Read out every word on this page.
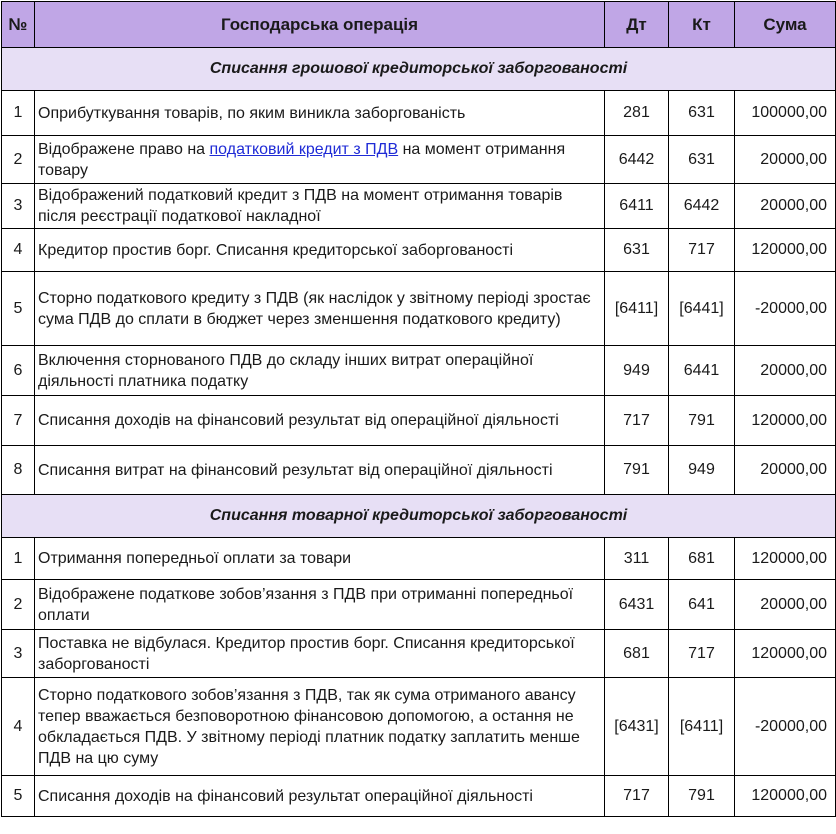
№	Господарська операція	Дт	Кт	Сума
Списання грошової кредиторської заборгованості				
1	Оприбуткування товарів, по яким виникла заборгованість	281	631	100000,00
2	Відображене право на податковий кредит з ПДВ на момент отримання товару	6442	631	20000,00
3	Відображений податковий кредит з ПДВ на момент отримання товарів після реєстрації податкової накладної	6411	6442	20000,00
4	Кредитор простив борг. Списання кредиторської заборгованості	631	717	120000,00
5	Сторно податкового кредиту з ПДВ (як наслідок у звітному періоді зростає сума ПДВ до сплати в бюджет через зменшення податкового кредиту)	[6411]	[6441]	-20000,00
6	Включення сторнованого ПДВ до складу інших витрат операційної діяльності платника податку	949	6441	20000,00
7	Списання доходів на фінансовий результат від операційної діяльності	717	791	120000,00
8	Списання витрат на фінансовий результат від операційної діяльності	791	949	20000,00
Списання товарної кредиторської заборгованості				
1	Отримання попередньої оплати за товари	311	681	120000,00
2	Відображене податкове зобов’язання з ПДВ при отриманні попередньої оплати	6431	641	20000,00
3	Поставка не відбулася. Кредитор простив борг. Списання кредиторської заборгованості	681	717	120000,00
4	Сторно податкового зобов’язання з ПДВ, так як сума отриманого авансу тепер вважається безповоротною фінансовою допомогою, а остання не обкладається ПДВ. У звітному періоді платник податку заплатить менше ПДВ на цю суму	[6431]	[6411]	-20000,00
5	Списання доходів на фінансовий результат операційної діяльності	717	791	120000,00
